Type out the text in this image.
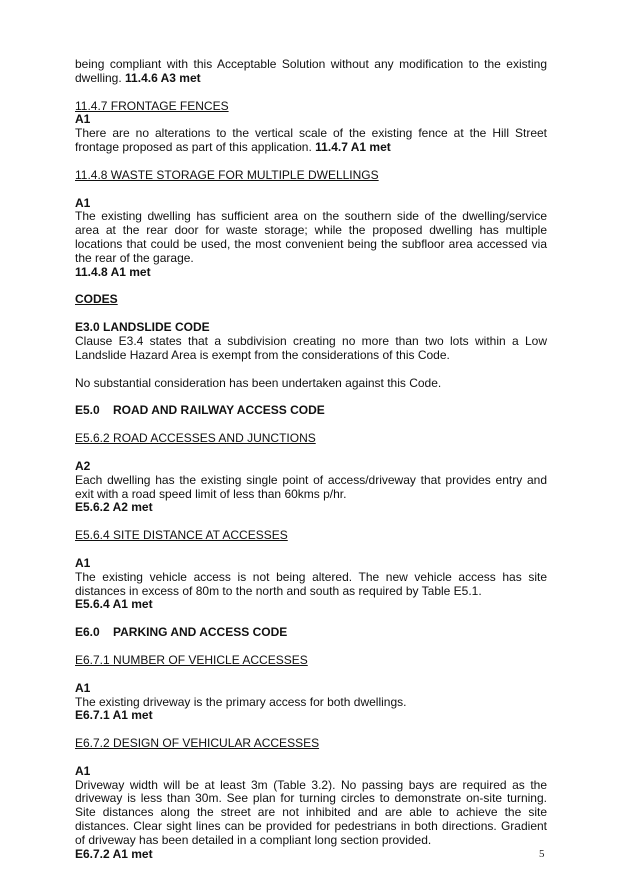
being compliant with this Acceptable Solution without any modification to the existing dwelling. 11.4.6 A3 met

11.4.7 FRONTAGE FENCES

A1

There are no alterations to the vertical scale of the existing fence at the Hill Street frontage proposed as part of this application. 11.4.7 A1 met

11.4.8 WASTE STORAGE FOR MULTIPLE DWELLINGS

A1

The existing dwelling has sufficient area on the southern side of the dwelling/service area at the rear door for waste storage; while the proposed dwelling has multiple locations that could be used, the most convenient being the subfloor area accessed via the rear of the garage.

11.4.8 A1 met

CODES

E3.0 LANDSLIDE CODE

Clause E3.4 states that a subdivision creating no more than two lots within a Low Landslide Hazard Area is exempt from the considerations of this Code.

No substantial consideration has been undertaken against this Code.

E5.0	ROAD AND RAILWAY ACCESS CODE

E5.6.2 ROAD ACCESSES AND JUNCTIONS

A2

Each dwelling has the existing single point of access/driveway that provides entry and exit with a road speed limit of less than 60kms p/hr.

E5.6.2 A2 met

E5.6.4 SITE DISTANCE AT ACCESSES

A1

The existing vehicle access is not being altered. The new vehicle access has site distances in excess of 80m to the north and south as required by Table E5.1.

E5.6.4 A1 met

E6.0	PARKING AND ACCESS CODE

E6.7.1 NUMBER OF VEHICLE ACCESSES

A1

The existing driveway is the primary access for both dwellings.

E6.7.1 A1 met

E6.7.2 DESIGN OF VEHICULAR ACCESSES

A1

Driveway width will be at least 3m (Table 3.2). No passing bays are required as the driveway is less than 30m. See plan for turning circles to demonstrate on-site turning. Site distances along the street are not inhibited and are able to achieve the site distances. Clear sight lines can be provided for pedestrians in both directions. Gradient of driveway has been detailed in a compliant long section provided.

E6.7.2 A1 met	5
